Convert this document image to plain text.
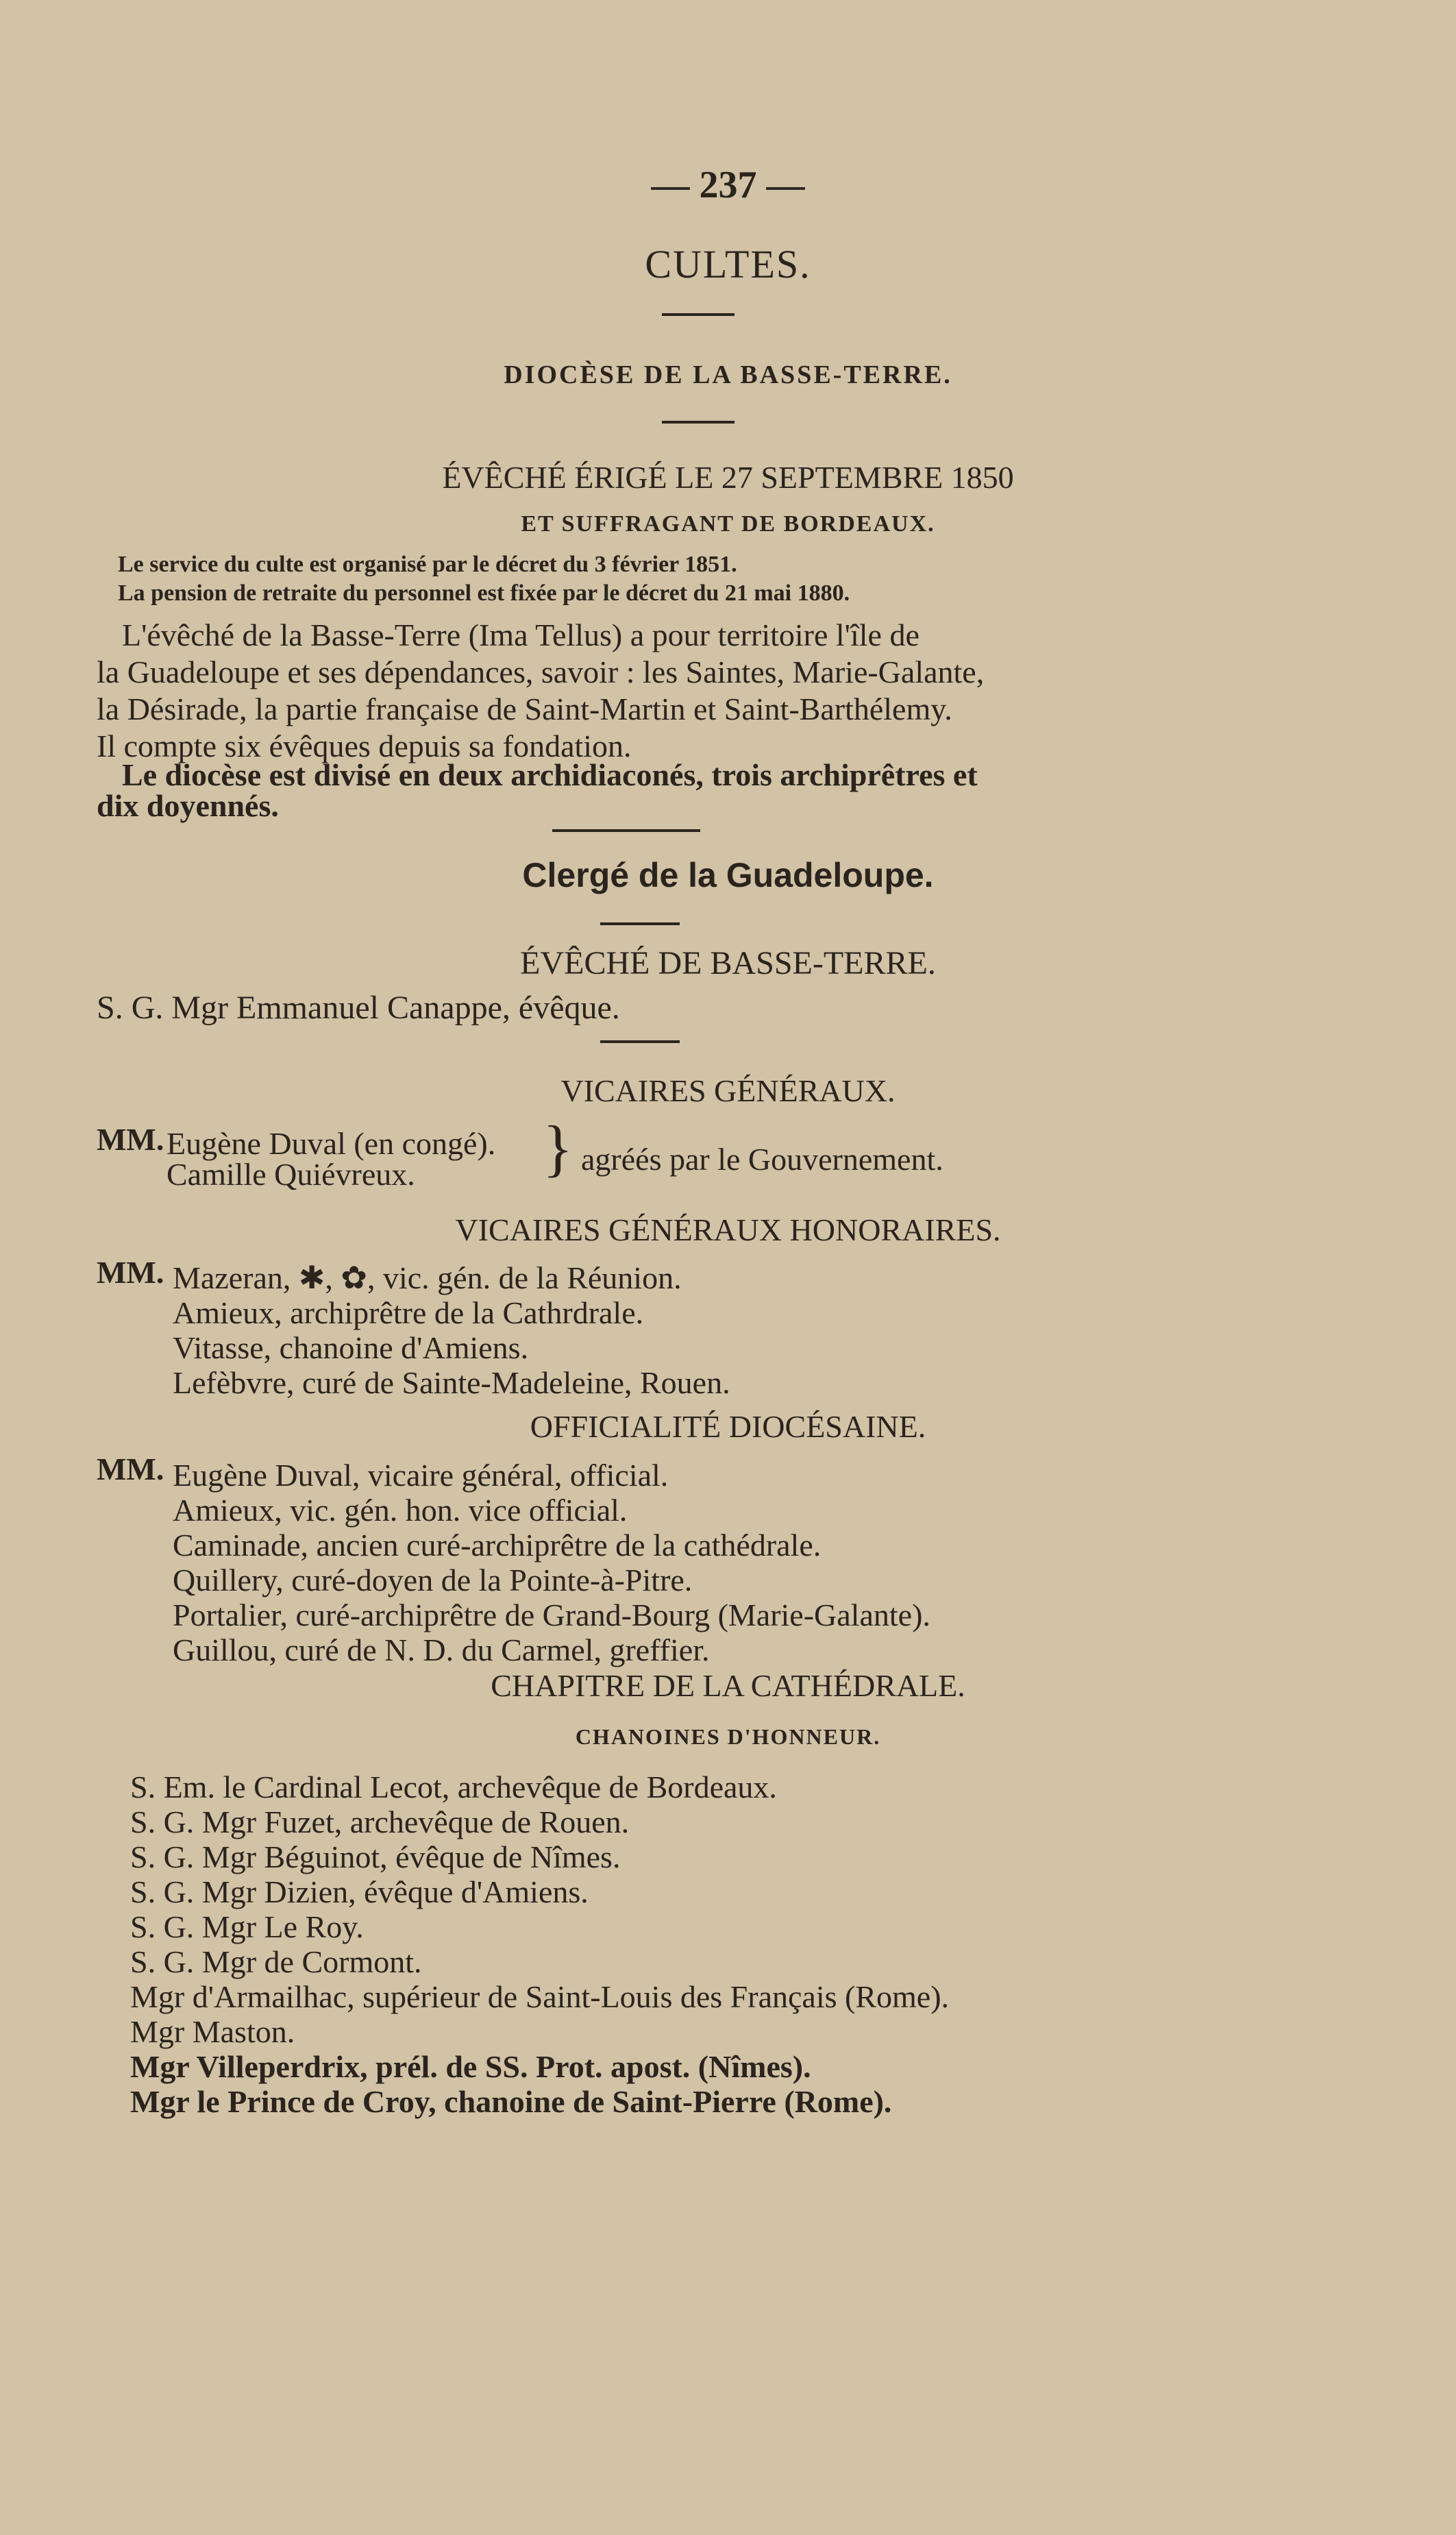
— 237 —
CULTES.
DIOCÈSE DE LA BASSE-TERRE.
ÉVÊCHÉ ÉRIGÉ LE 27 SEPTEMBRE 1850
ET SUFFRAGANT DE BORDEAUX.
Le service du culte est organisé par le décret du 3 février 1851.
La pension de retraite du personnel est fixée par le décret du 21 mai 1880.
L'évêché de la Basse-Terre (Ima Tellus) a pour territoire l'île de
la Guadeloupe et ses dépendances, savoir : les Saintes, Marie-Galante,
la Désirade, la partie française de Saint-Martin et Saint-Barthélemy.
Il compte six évêques depuis sa fondation.
Le diocèse est divisé en deux archidiaconés, trois archiprêtres et
dix doyennés.
Clergé de la Guadeloupe.
ÉVÊCHÉ DE BASSE-TERRE.
S. G. Mgr Emmanuel Canappe, évêque.
VICAIRES GÉNÉRAUX.
MM. Eugène Duval (en congé).
Camille Quiévreux. } agréés par le Gouvernement.
VICAIRES GÉNÉRAUX HONORAIRES.
MM. Mazeran, ✱, ✿, vic. gén. de la Réunion.
Amieux, archiprêtre de la Cathrdrale.
Vitasse, chanoine d'Amiens.
Lefèbvre, curé de Sainte-Madeleine, Rouen.
OFFICIALITÉ DIOCÉSAINE.
MM. Eugène Duval, vicaire général, official.
Amieux, vic. gén. hon. vice official.
Caminade, ancien curé-archiprêtre de la cathédrale.
Quillery, curé-doyen de la Pointe-à-Pitre.
Portalier, curé-archiprêtre de Grand-Bourg (Marie-Galante).
Guillou, curé de N. D. du Carmel, greffier.
CHAPITRE DE LA CATHÉDRALE.
CHANOINES D'HONNEUR.
S. Em. le Cardinal Lecot, archevêque de Bordeaux.
S. G. Mgr Fuzet, archevêque de Rouen.
S. G. Mgr Béguinot, évêque de Nîmes.
S. G. Mgr Dizien, évêque d'Amiens.
S. G. Mgr Le Roy.
S. G. Mgr de Cormont.
Mgr d'Armailhac, supérieur de Saint-Louis des Français (Rome).
Mgr Maston.
Mgr Villeperdrix, prél. de SS. Prot. apost. (Nîmes).
Mgr le Prince de Croy, chanoine de Saint-Pierre (Rome).
